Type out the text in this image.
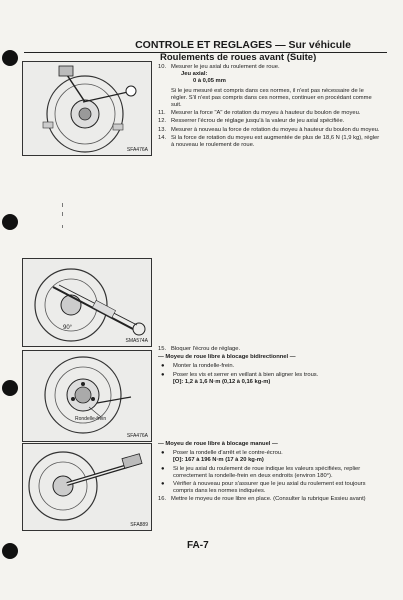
CONTROLE ET REGLAGES — Sur véhicule
Roulements de roues avant (Suite)
SFA476A
90°
SMA574A
Rondelle-frein
SFA476A
SFA889
10. Mesurer le jeu axial du roulement de roue.
Jeu axial:
0 à 0,05 mm
Si le jeu mesuré est compris dans ces normes, il n'est pas nécessaire de le régler. S'il n'est pas compris dans ces normes, continuer en procédant comme suit.
11. Mesurer la force "A" de rotation du moyeu à hauteur du boulon de moyeu.
12. Resserrer l'écrou de réglage jusqu'à la valeur de jeu axial spécifiée.
13. Mesurer à nouveau la force de rotation du moyeu à hauteur du boulon du moyeu.
14. Si la force de rotation du moyeu est augmentée de plus de 18,6 N (1,9 kg), régler à nouveau le roulement de roue.
15. Bloquer l'écrou de réglage.
— Moyeu de roue libre à blocage bidirectionnel —
● Monter la rondelle-frein.
● Poser les vis et serrer en veillant à bien aligner les trous.
[O]: 1,2 à 1,6 N·m (0,12 à 0,16 kg-m)
— Moyeu de roue libre à blocage manuel —
● Poser la rondelle d'arrêt et le contre-écrou.
[O]: 167 à 196 N·m (17 à 20 kg-m)
● Si le jeu axial du roulement de roue indique les valeurs spécifiées, replier correctement la rondelle-frein en deux endroits (environ 180°).
● Vérifier à nouveau pour s'assurer que le jeu axial du roulement est toujours compris dans les normes indiquées.
16. Mettre le moyeu de roue libre en place. (Consulter la rubrique Essieu avant)
FA-7
